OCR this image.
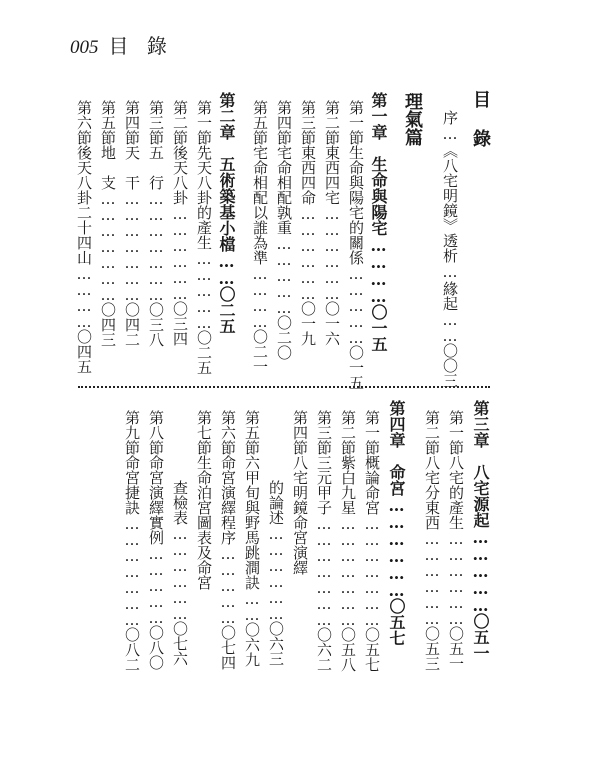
005 目 錄
目 錄
序…《八宅明鏡》透析…緣起……〇〇三
理氣篇
第一章　生命與陽宅…………〇一五
第一節生命與陽宅的關係……………〇一五
第二節東西四宅………………〇一六
第三節東西四命………………〇一九
第四節宅命相配孰重……………〇二〇
第五節宅命相配以誰為準…………〇二一
第二章　五術築基小檔……〇二五
第一節先天八卦的產生……………〇二五
第二節後天八卦………………〇三四
第三節五　行…………………〇三八
第四節天　干…………………〇四二
第五節地　支…………………〇四三
第六節後天八卦二十四山…………〇四五
第三章　八宅源起……………〇五一
第一節八宅的產生………………〇五一
第二節八宅分東西………………〇五三
第四章　命宮………………〇五七
第一節概論命宮…………………〇五七
第二節紫白九星…………………〇五八
第三節三元甲子…………………〇六二
第四節八宅明鏡命宮演繹
的論述………………〇六三
第五節六甲旬與野馬跳澗訣……〇六九
第六節命宮演繹程序……………〇七四
第七節生命泊宮圖表及命宮
查檢表………………〇七六
第八節命宮演繹實例……………〇八〇
第九節命宮捷訣…………………〇八二
